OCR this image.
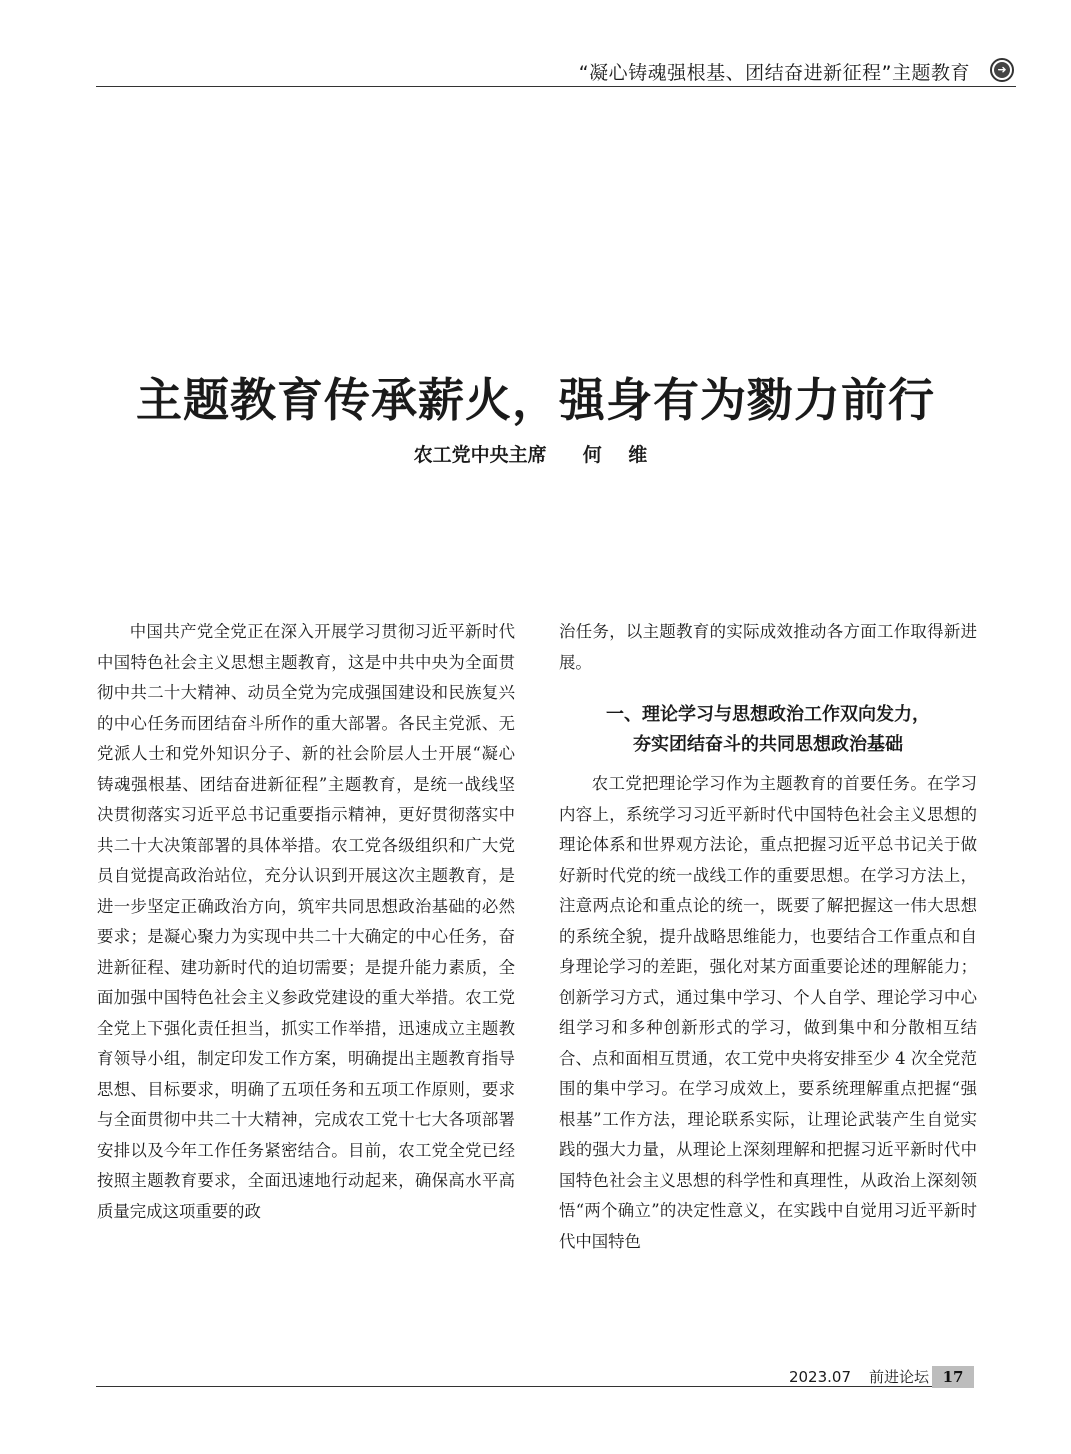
“凝心铸魂强根基、团结奋进新征程”主题教育	➜
主题教育传承薪火，强身有为勠力前行
农工党中央主席 何 维

中国共产党全党正在深入开展学习贯彻习近平新时代中国特色社会主义思想主题教育，这是中共中央为全面贯彻中共二十大精神、动员全党为完成强国建设和民族复兴的中心任务而团结奋斗所作的重大部署。各民主党派、无党派人士和党外知识分子、新的社会阶层人士开展“凝心铸魂强根基、团结奋进新征程”主题教育，是统一战线坚决贯彻落实习近平总书记重要指示精神，更好贯彻落实中共二十大决策部署的具体举措。农工党各级组织和广大党员自觉提高政治站位，充分认识到开展这次主题教育，是进一步坚定正确政治方向，筑牢共同思想政治基础的必然要求；是凝心聚力为实现中共二十大确定的中心任务，奋进新征程、建功新时代的迫切需要；是提升能力素质，全面加强中国特色社会主义参政党建设的重大举措。农工党全党上下强化责任担当，抓实工作举措，迅速成立主题教育领导小组，制定印发工作方案，明确提出主题教育指导思想、目标要求，明确了五项任务和五项工作原则，要求与全面贯彻中共二十大精神，完成农工党十七大各项部署安排以及今年工作任务紧密结合。目前，农工党全党已经按照主题教育要求，全面迅速地行动起来，确保高水平高质量完成这项重要的政

治任务，以主题教育的实际成效推动各方面工作取得新进展。

一、理论学习与思想政治工作双向发力，
夯实团结奋斗的共同思想政治基础

农工党把理论学习作为主题教育的首要任务。在学习内容上，系统学习习近平新时代中国特色社会主义思想的理论体系和世界观方法论，重点把握习近平总书记关于做好新时代党的统一战线工作的重要思想。在学习方法上，注意两点论和重点论的统一，既要了解把握这一伟大思想的系统全貌，提升战略思维能力，也要结合工作重点和自身理论学习的差距，强化对某方面重要论述的理解能力；创新学习方式，通过集中学习、个人自学、理论学习中心组学习和多种创新形式的学习，做到集中和分散相互结合、点和面相互贯通，农工党中央将安排至少 4 次全党范围的集中学习。在学习成效上，要系统理解重点把握“强根基”工作方法，理论联系实际，让理论武装产生自觉实践的强大力量，从理论上深刻理解和把握习近平新时代中国特色社会主义思想的科学性和真理性，从政治上深刻领悟“两个确立”的决定性意义，在实践中自觉用习近平新时代中国特色

2023.07 前进论坛 17
